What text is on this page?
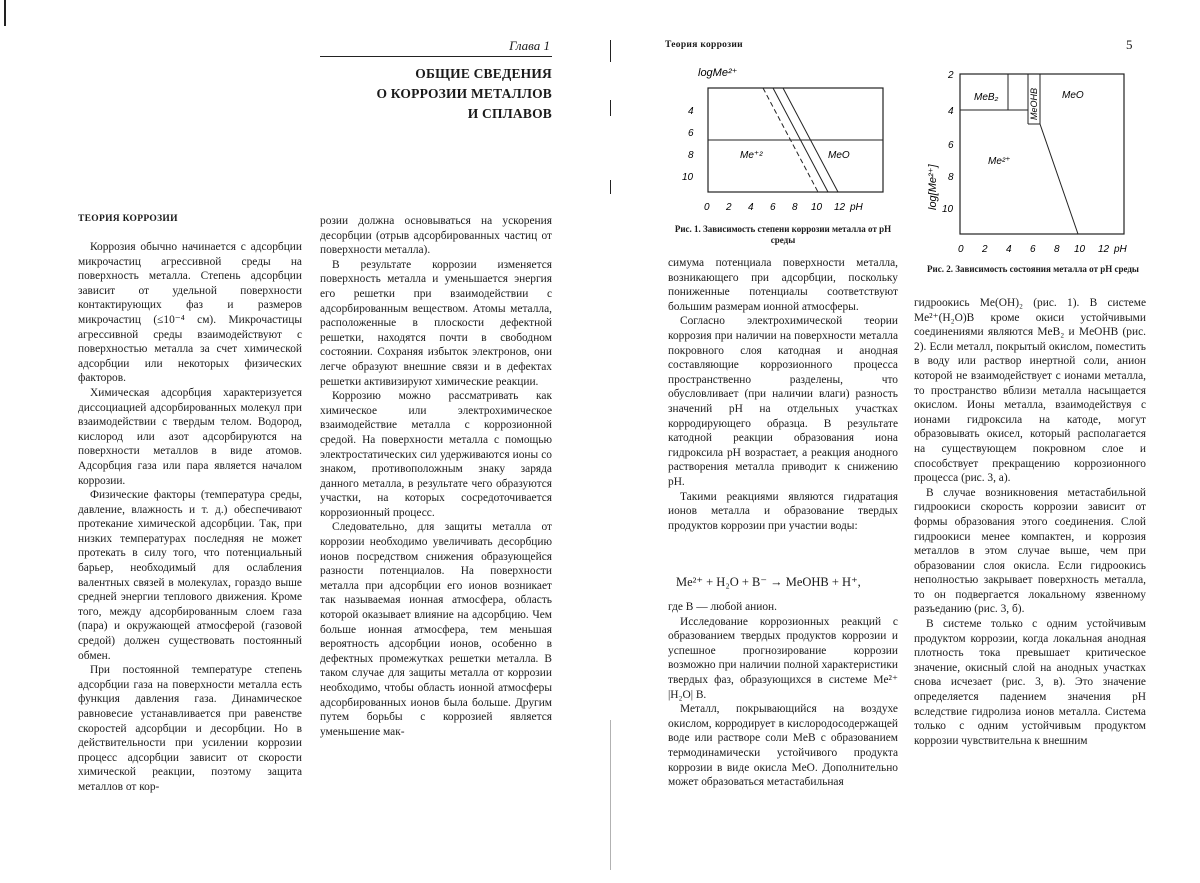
Глава 1
ОБЩИЕ СВЕДЕНИЯ
О КОРРОЗИИ МЕТАЛЛОВ
И СПЛАВОВ
ТЕОРИЯ КОРРОЗИИ

Коррозия обычно начинается с адсорбции микрочастиц агрессивной среды на поверхность металла. Степень адсорбции зависит от удельной поверхности контактирующих фаз и размеров микрочастиц (≤10⁻⁴ см). Микрочастицы агрессивной среды взаимодействуют с поверхностью металла за счет химической адсорбции или некоторых физических факторов.

Химическая адсорбция характеризуется диссоциацией адсорбированных молекул при взаимодействии с твердым телом. Водород, кислород или азот адсорбируются на поверхности металлов в виде атомов. Адсорбция газа или пара является началом коррозии.

Физические факторы (температура среды, давление, влажность и т. д.) обеспечивают протекание химической адсорбции. Так, при низких температурах последняя не может протекать в силу того, что потенциальный барьер, необходимый для ослабления валентных связей в молекулах, гораздо выше средней энергии теплового движения. Кроме того, между адсорбированным слоем газа (пара) и окружающей атмосферой (газовой средой) должен существовать постоянный обмен.

При постоянной температуре степень адсорбции газа на поверхности металла есть функция давления газа. Динамическое равновесие устанавливается при равенстве скоростей адсорбции и десорбции. Но в действительности при усилении коррозии процесс адсорбции зависит от скорости химической реакции, поэтому защита металлов от кор-

розии должна основываться на ускорения десорбции (отрыв адсорбированных частиц от поверхности металла).

В результате коррозии изменяется поверхность металла и уменьшается энергия его решетки при взаимодействии с адсорбированным веществом. Атомы металла, расположенные в плоскости дефектной решетки, находятся почти в свободном состоянии. Сохраняя избыток электронов, они легче образуют внешние связи и в дефектах решетки активизируют химические реакции.

Коррозию можно рассматривать как химическое или электрохимическое взаимодействие металла с коррозионной средой. На поверхности металла с помощью электростатических сил удерживаются ионы со знаком, противоположным знаку заряда данного металла, в результате чего образуются участки, на которых сосредоточивается коррозионный процесс.

Следовательно, для защиты металла от коррозии необходимо увеличивать десорбцию ионов посредством снижения образующейся разности потенциалов. На поверхности металла при адсорбции его ионов возникает так называемая ионная атмосфера, область которой оказывает влияние на адсорбцию. Чем больше ионная атмосфера, тем меньшая вероятность адсорбции ионов, особенно в дефектных промежутках решетки металла. В таком случае для защиты металла от коррозии необходимо, чтобы область ионной атмосферы адсорбированных ионов была больше. Другим путем борьбы с коррозией является уменьшение мак-

Теория коррозии	5
logMe²⁺
4
6
8
10
0 2 4 6 8 10 12 pH
Me⁺²	MeO
Рис. 1. Зависимость степени коррозии металла от pH среды
log[Me²⁺]
2
4
6
8
10
0 2 4 6 8 10 12 pH
MeB₂	MeOHB MeO
Me²⁺
Рис. 2. Зависимость состояния металла от pH среды

симума потенциала поверхности металла, возникающего при адсорбции, поскольку пониженные потенциалы соответствуют большим размерам ионной атмосферы.

Согласно электрохимической теории коррозия при наличии на поверхности металла покровного слоя катодная и анодная составляющие коррозионного процесса пространственно разделены, что обусловливает (при наличии влаги) разность значений pH на отдельных участках корродирующего образца. В результате катодной реакции образования иона гидроксила pH возрастает, а реакция анодного растворения металла приводит к снижению pH.

Такими реакциями являются гидратация ионов металла и образование твердых продуктов коррозии при участии воды:

Me²⁺ + H₂O + B⁻ → MeOHB + H⁺,

где B — любой анион.

Исследование коррозионных реакций с образованием твердых продуктов коррозии и успешное прогнозирование коррозии возможно при наличии полной характеристики твердых фаз, образующихся в системе Me²⁺ |H₂O| B.

Металл, покрывающийся на воздухе окислом, корродирует в кислородосодержащей воде или растворе соли MeB с образованием термодинамически устойчивого продукта коррозии в виде окисла MeO. Дополнительно может образоваться метастабильная

гидроокись Me(OH)₂ (рис. 1). В системе Me²⁺(H₂O)B кроме окиси устойчивыми соединениями являются MeB₂ и MeOHB (рис. 2). Если металл, покрытый окислом, поместить в воду или раствор инертной соли, анион которой не взаимодействует с ионами металла, то пространство вблизи металла насыщается окислом. Ионы металла, взаимодействуя с ионами гидроксила на катоде, могут образовывать окисел, который располагается на существующем покровном слое и способствует прекращению коррозионного процесса (рис. 3, а).

В случае возникновения метастабильной гидроокиси скорость коррозии зависит от формы образования этого соединения. Слой гидроокиси менее компактен, и коррозия металлов в этом случае выше, чем при образовании слоя окисла. Если гидроокись неполностью закрывает поверхность металла, то он подвергается локальному язвенному разъеданию (рис. 3, б).

В системе только с одним устойчивым продуктом коррозии, когда локальная анодная плотность тока превышает критическое значение, окисный слой на анодных участках снова исчезает (рис. 3, в). Это значение определяется падением значения pH вследствие гидролиза ионов металла. Система только с одним устойчивым продуктом коррозии чувствительна к внешним
